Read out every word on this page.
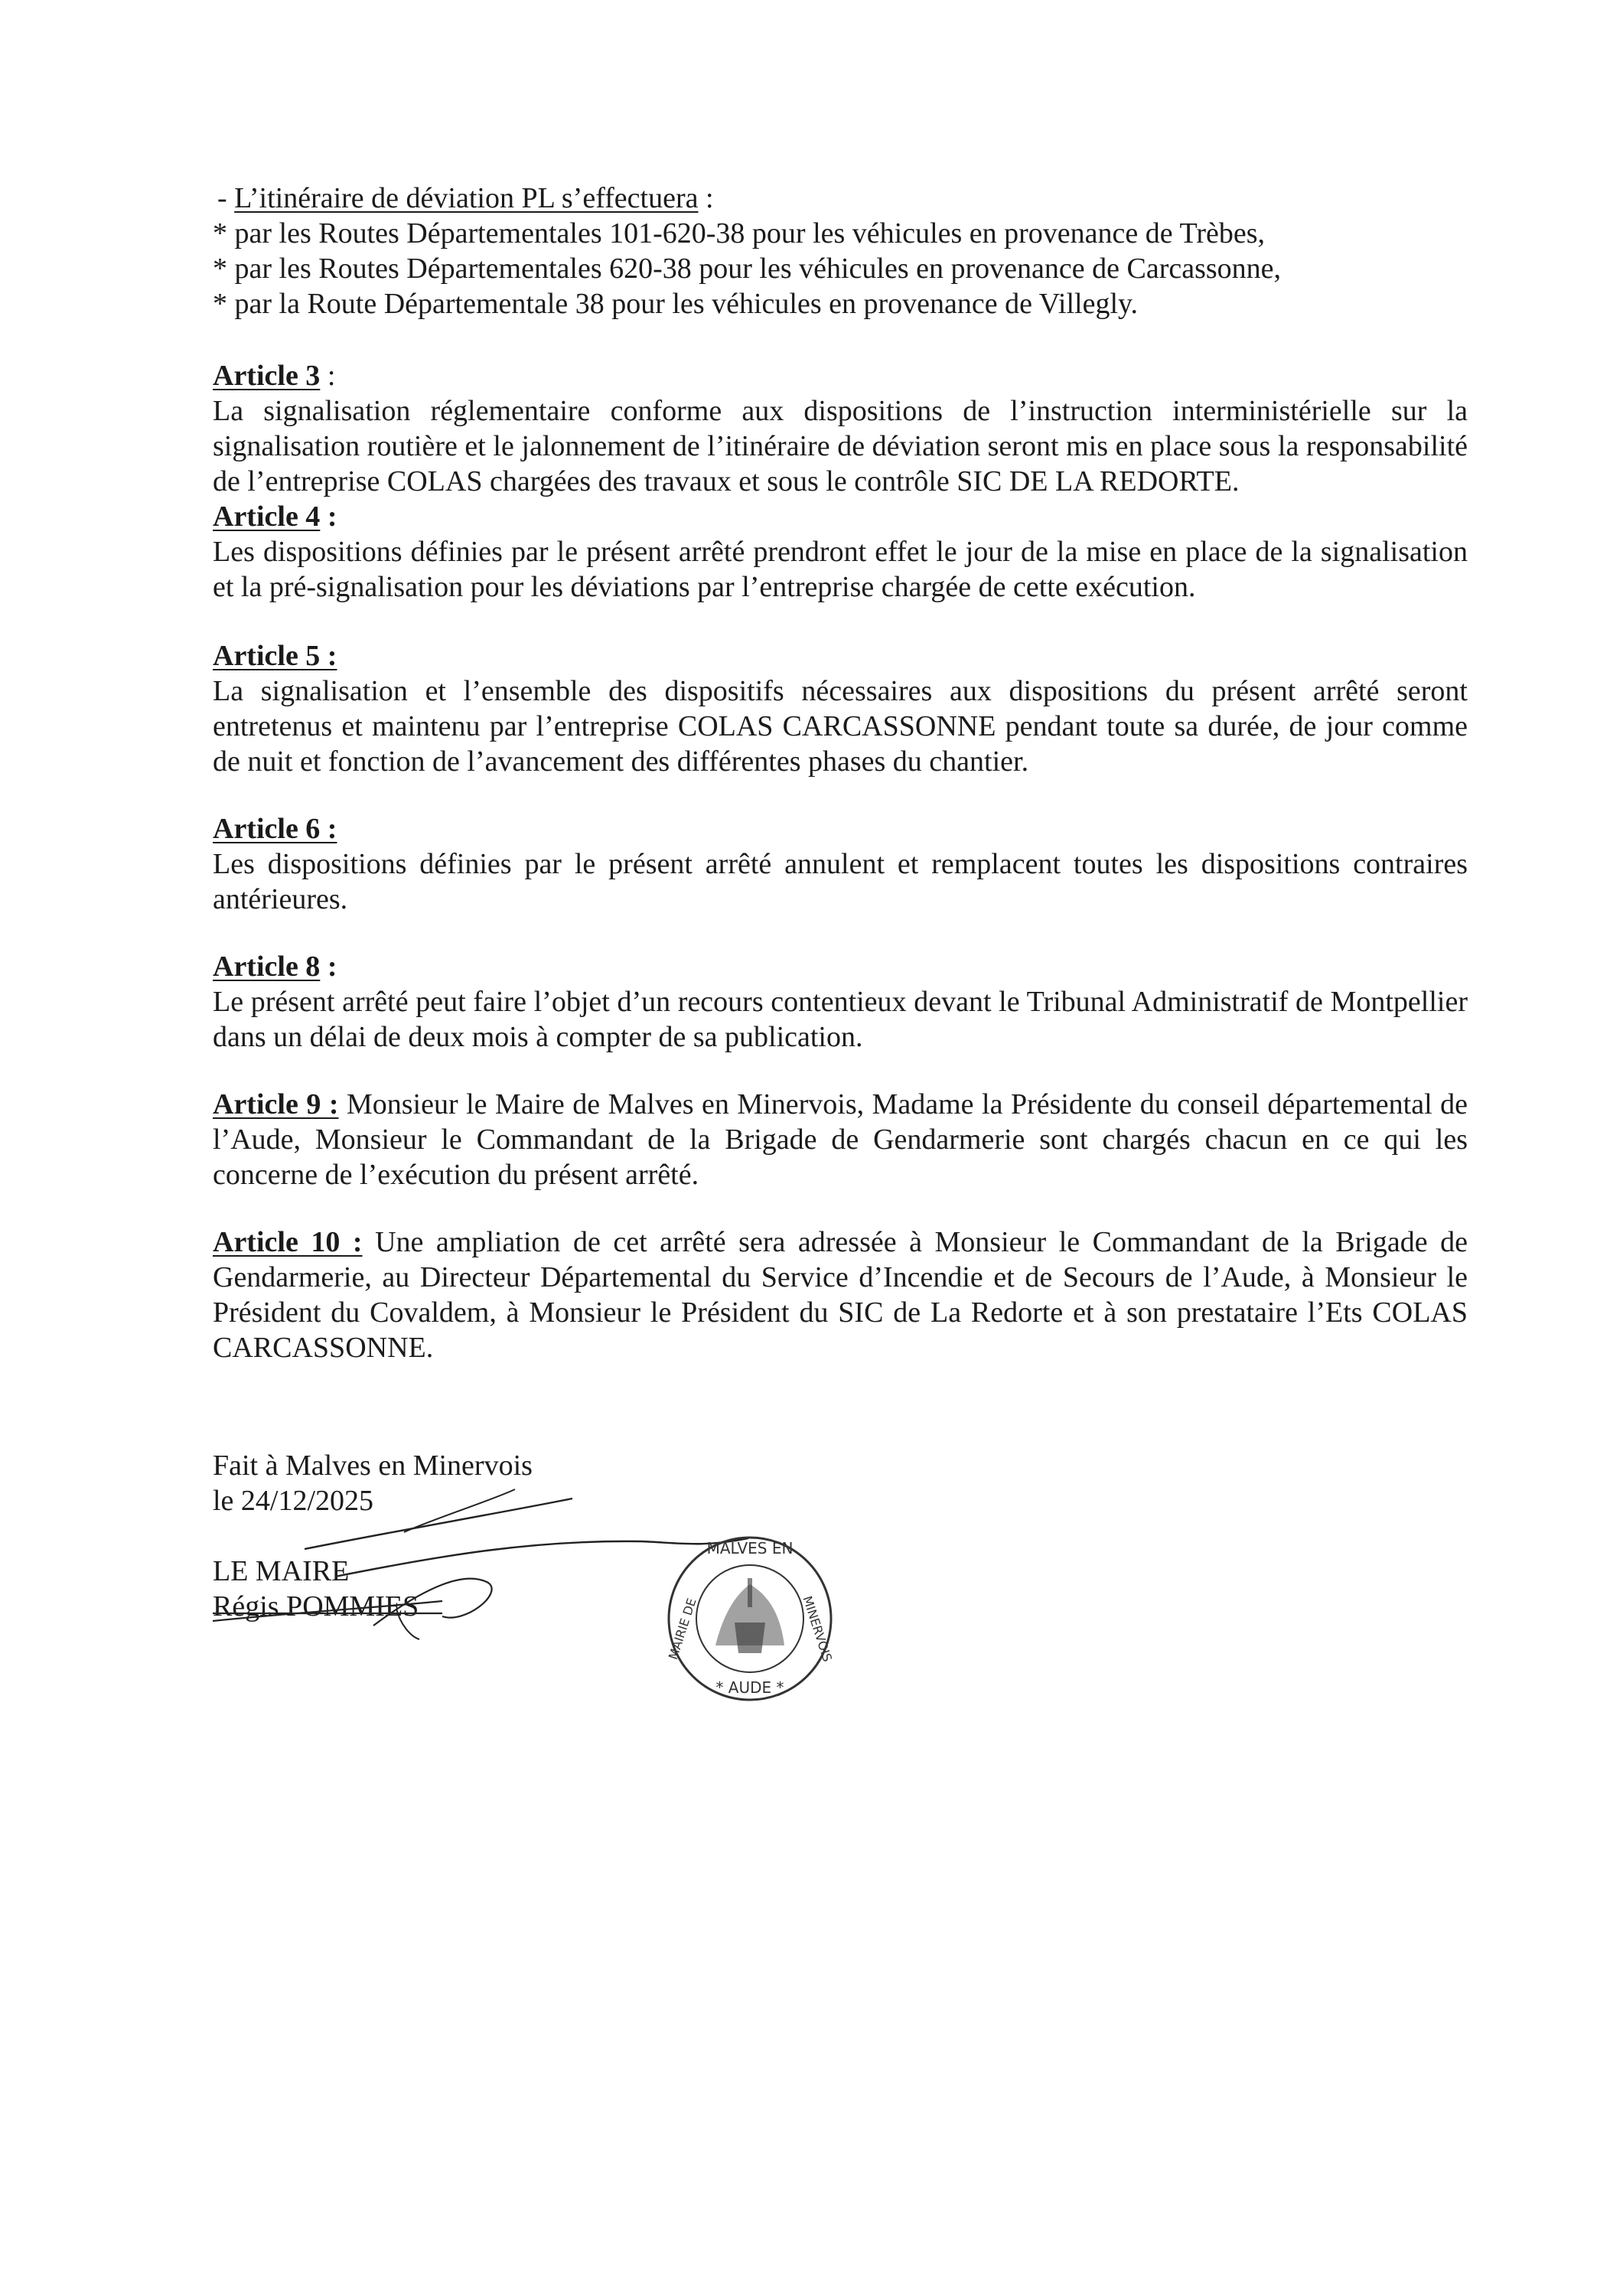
- L’itinéraire de déviation PL s’effectuera :
* par les Routes Départementales 101-620-38 pour les véhicules en provenance de Trèbes,
* par les Routes Départementales 620-38 pour les véhicules en provenance de Carcassonne,
* par la Route Départementale 38 pour les véhicules en provenance de Villegly.
Article 3 :
La signalisation réglementaire conforme aux dispositions de l’instruction interministérielle sur la signalisation routière et le jalonnement de l’itinéraire de déviation seront mis en place sous la responsabilité de l’entreprise COLAS chargées des travaux et sous le contrôle SIC DE LA REDORTE.
Article 4 :
Les dispositions définies par le présent arrêté prendront effet le jour de la mise en place de la signalisation et la pré-signalisation pour les déviations par l’entreprise chargée de cette exécution.
Article 5 :
La signalisation et l’ensemble des dispositifs nécessaires aux dispositions du présent arrêté seront entretenus et maintenu par l’entreprise COLAS CARCASSONNE pendant toute sa durée, de jour comme de nuit et fonction de l’avancement des différentes phases du chantier.
Article 6 :
Les dispositions définies par le présent arrêté annulent et remplacent toutes les dispositions contraires antérieures.
Article 8 :
Le présent arrêté peut faire l’objet d’un recours contentieux devant le Tribunal Administratif de Montpellier dans un délai de deux mois à compter de sa publication.
Article 9 : Monsieur le Maire de Malves en Minervois, Madame la Présidente du conseil départemental de l’Aude, Monsieur le Commandant de la Brigade de Gendarmerie sont chargés chacun en ce qui les concerne de l’exécution du présent arrêté.
Article 10 : Une ampliation de cet arrêté sera adressée à Monsieur le Commandant de la Brigade de Gendarmerie, au Directeur Départemental du Service d’Incendie et de Secours de l’Aude, à Monsieur le Président du Covaldem, à Monsieur le Président du SIC de La Redorte et à son prestataire l’Ets COLAS CARCASSONNE.
Fait à Malves en Minervois
le 24/12/2025
LE MAIRE
Régis POMMIES
MALVES EN
* AUDE *
MAIRIE DE	MINERVOIS
